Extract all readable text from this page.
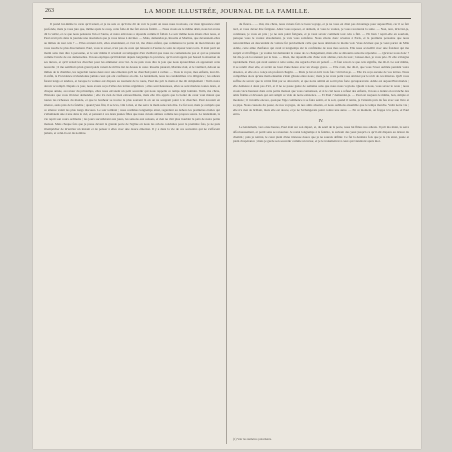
263	LA MODE ILLUSTRÉE, JOURNAL DE LA FAMILLE.

Il prend lui-même la carte qu'il tenait, et je ne sais ce qu'il me dit de voir le point où nous nous trouvons, car mon ignorance était profonde, mais je vous jure que, même après le coup, cette folie-là me fait encore frémir. — Nous avons eu le même désir, nous lui avons dit la vérité, et ce que nous pensions l'un et l'autre, et notre ami nous a répondu comme il fallait. Le soir même nous étions chez nous, et Paul avait pris dans la journée une résolution que je vous laisse à deviner. — Mais, demandai-je, Rosalie et Martine, que devenaient-elles au milieu de tout cela ? — Elles avaient écrit, elles attendaient, et c'est ici, ma chère enfant, que commence la partie de mon histoire qui vous touche le plus directement. Paul, vous le savez, n'est pas de ceux qui laissent à d'autres le soin de réparer leurs torts. Il était parti un matin sans rien dire à personne, et le soir même il revenait accompagné d'un vieillard que nous ne connaissions pas et qui se présenta comme l'oncle de ces demoiselles. Il nous expliqua qu'il habitait depuis longtemps la province, qu'il avait appris par hasard la situation de ses nièces, et qu'il venait les chercher pour les emmener avec lui. Je ne puis vous dire la joie que nous éprouvâmes en apprenant cette nouvelle ; il me semblait qu'un grand poids venait de m'être ôté de dessus le cœur. Rosalie pleurait, Martine riait, et le vieillard, debout au milieu de la chambre, les regardait toutes deux avec une émotion qu'il ne cherchait point à cacher. — Vous le voyez, mes enfants, leur dit-il enfin, la Providence n'abandonne jamais ceux qui ont confiance en elle. Le lendemain, nous les conduisîmes à la diligence ; les adieux furent longs et tendres, et lorsque la voiture eut disparu au tournant de la route, Paul me prit la main et me dit simplement : Voilà notre devoir accompli. Depuis ce jour, nous avons reçu d'elles des lettres régulières ; elles sont heureuses, elles se sont mariées toutes deux, et chaque année, au retour du printemps, elles nous envoient un petit souvenir qui nous rappelle ce temps déjà lointain. Voilà, ma chère, l'histoire que vous m'aviez demandée ; elle n'a rien de bien extraordinaire, mais elle m'a appris que la bonté du cœur vaut mieux que toutes les richesses du monde, et que le bonheur se trouve le plus souvent là où on ne songeait point à le chercher. Paul écoutait en silence, assis près de la fenêtre ; quand j'eus fini, il se leva, vint à moi, et me serra la main sans rien dire. Ce fut tout, mais je compris que ce silence valait les plus longs discours. Le soir tombait ; nous restâmes longtemps ainsi, regardant au dehors les premières étoiles qui s'allumaient une à une dans le ciel, et pensant à ces deux jeunes filles que nous avions aimées comme nos propres sœurs. Le lendemain, la vie reprit son cours ordinaire ; les jours succédèrent aux jours, les saisons aux saisons, et rien ne vint plus troubler la paix de notre petite maison. Mais chaque fois que je passe devant la grande porte de l'église où nous les avions conduites pour la première fois, je ne puis m'empêcher de m'arrêter un instant et de penser à elles avec une douce émotion. Il y a dans la vie de ces souvenirs qui ne s'effacent jamais, et celui-là est du nombre.

du fleuve... — Oui, ma chère, nous avions fait ce beau voyage, et je ne vous en dirai pas davantage pour aujourd'hui, car il se fait tard, et vous devez être fatiguée. Allez vous reposer, et demain, si vous le voulez, je vous raconterai la suite. — Non, non, m'écriai-je, continuez, je vous en prie ; je ne suis point fatiguée, et je veux savoir comment tout cela a fini. — Eh bien ! reprit-elle en souriant, puisque vous le voulez absolument, je vais vous satisfaire. Nous étions donc revenus à Paris, et la première personne que nous rencontrâmes en descendant de voiture fut précisément celle que nous désirions le moins voir. Vous devinez que je veux parler de Mlle Adèle, cette amie d'enfance qui avait si longtemps été la confidente de tous mes secrets. Elle nous accueillit avec une froideur qui me surprit et m'affligea ; je voulus lui demander la cause de ce changement, mais elle se détourna sans me répondre. — Qu'avez-vous donc ? lui dis-je en la retenant par le bras. — Rien, me répondit-elle d'une voix altérée, rien du tout ; laissez-moi, je vous prie. Et elle s'éloigna rapidement. Paul, qui avait assisté à cette scène, me regarda d'un air pensif. — Il faut savoir ce que cela signifie, me dit-il. Le soir même, il se rendit chez elle, et revint au bout d'une heure avec un visage grave. — Elle croit, me dit-il, que vous l'avez oubliée pendant votre absence, et elle en a conçu un profond chagrin. — Mais je lui ai écrit trois fois ! m'écriai-je. — Elle n'a reçu aucune de vos lettres. Nous comprîmes alors qu'une main ennemie s'était glissée entre nous ; mais je ne veux point vous attrister par le récit de ces misères. Qu'il vous suffise de savoir que la vérité finit par se découvrir, et que notre amitié en sortit plus forte qu'auparavant. Adèle est aujourd'hui mariée ; elle demeure à deux pas d'ici, et il ne se passe guère de semaine sans que nous nous voyions. Quant à nous, vous savez le reste ; nous avons vécu heureux dans cette petite maison que vous connaissez, et si le ciel nous a refusé des enfants, il nous a donné en revanche des amis fidèles et dévoués qui ont rempli ce vide de notre existence. — Et Paul ? demandai-je. — Paul est toujours le même, bon, simple et modeste ; il travaille encore, quoique l'âge commence à se faire sentir, et le soir, quand il rentre, je l'attends près du feu avec son livre et sa pipe. Nous causons du passé, de nos voyages, de nos amis absents, et nous oublions ensemble que le temps marche. Voilà notre vie ; elle n'a rien de brillant, mais elle est douce, et je ne l'échangerais point contre une autre. — En ce moment, on frappa à la porte, et Paul entra.

IV.

Le lendemain, vers onze heures, Paul était sur son départ, et, du seuil de la porte, nous lui fîmes nos adieux. Il prit ma main, la serra affectueusement, et partit sans se retourner. Je restai longtemps à la fenêtre, le suivant des yeux jusqu'à ce qu'il eût disparu au détour du chemin ; puis je rentrai, le cœur plein d'une tristesse douce que je ne saurais définir. Ce fut la dernière fois que je le vis ainsi, jeune et plein d'espérance ; mais je garde son souvenir comme un trésor, et je le transmettrai à ceux qui viendront après moi.

(1) Voir les numéros précédents.
